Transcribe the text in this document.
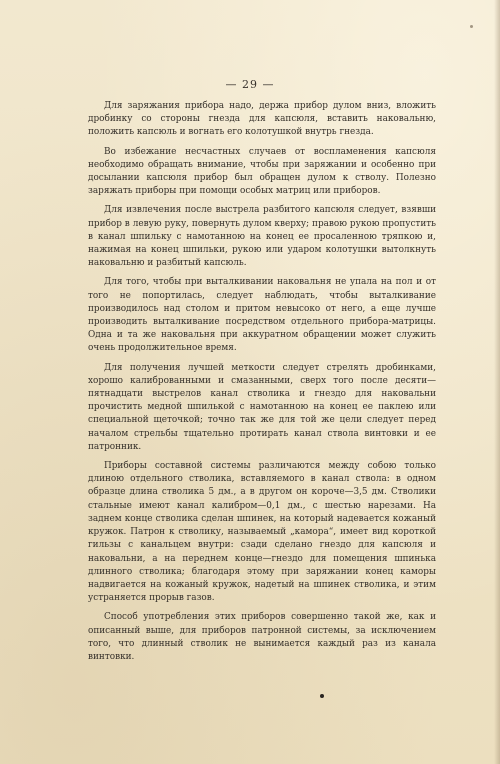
— 29 —

Для заряжания прибора надо, держа прибор дулом вниз, вложить дробинку со стороны гнезда для капсюля, вставить наковальню, положить капсюль и вогнать его колотушкой внутрь гнезда.

Во избежание несчастных случаев от воспламенения капсюля необходимо обращать внимание, чтобы при заряжании и особенно при досылании капсюля прибор был обращен дулом к стволу. Полезно заряжать приборы при помощи особых матриц или приборов.

Для извлечения после выстрела разбитого капсюля следует, взявши прибор в левую руку, повернуть дулом кверху; правою рукою пропустить в канал шпильку с намотанною на конец ее просаленною тряпкою и, нажимая на конец шпильки, рукою или ударом колотушки вытолкнуть наковальню и разбитый капсюль.

Для того, чтобы при выталкивании наковальня не упала на пол и от того не попортилась, следует наблюдать, чтобы выталкивание производилось над столом и притом невысоко от него, а еще лучше производить выталкивание посредством отдельного прибора-матрицы. Одна и та же наковальня при аккуратном обращении может служить очень продолжительное время.

Для получения лучшей меткости следует стрелять дробинками, хорошо калиброванными и смазанными, сверх того после десяти—пятнадцати выстрелов канал стволика и гнездо для наковальни прочистить медной шпилькой с намотанною на конец ее паклею или специальной щеточкой; точно так же для той же цели следует перед началом стрельбы тщательно протирать канал ствола винтовки и ее патронник.

Приборы составной системы различаются между собою только длиною отдельного стволика, вставляемого в канал ствола: в одном образце длина стволика 5 дм., а в другом он короче—3,5 дм. Стволики стальные имеют канал калибром—0,1 дм., с шестью нарезами. На заднем конце стволика сделан шпинек, на который надевается кожаный кружок. Патрон к стволику, называемый „камора“, имеет вид короткой гильзы с канальцем внутри: сзади сделано гнездо для капсюля и наковальни, а на переднем конце—гнездо для помещения шпинька длинного стволика; благодаря этому при заряжании конец каморы надвигается на кожаный кружок, надетый на шпинек стволика, и этим устраняется прорыв газов.

Способ употребления этих приборов совершенно такой же, как и описанный выше, для приборов патронной системы, за исключением того, что длинный стволик не вынимается каждый раз из канала винтовки.
